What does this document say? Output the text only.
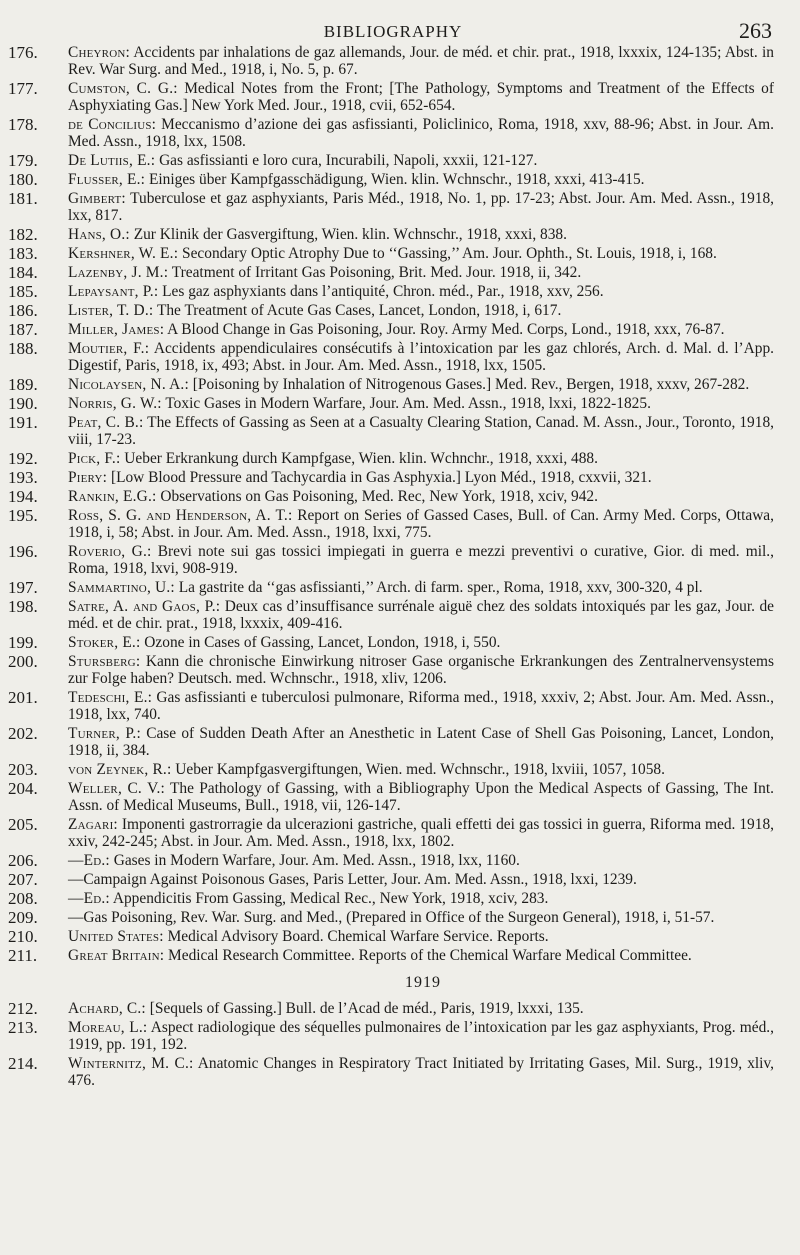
BIBLIOGRAPHY	263
176.	Cheyron: Accidents par inhalations de gaz allemands, Jour. de méd. et chir. prat., 1918, lxxxix, 124-135; Abst. in Rev. War Surg. and Med., 1918, i, No. 5, p. 67.
177.	Cumston, C. G.: Medical Notes from the Front; [The Pathology, Symptoms and Treatment of the Effects of Asphyxiating Gas.] New York Med. Jour., 1918, cvii, 652-654.
178.	de Concilius: Meccanismo d’azione dei gas asfissianti, Policlinico, Roma, 1918, xxv, 88-96; Abst. in Jour. Am. Med. Assn., 1918, lxx, 1508.
179.	De Lutiis, E.: Gas asfissianti e loro cura, Incurabili, Napoli, xxxii, 121-127.
180.	Flusser, E.: Einiges über Kampfgasschädigung, Wien. klin. Wchnschr., 1918, xxxi, 413-415.
181.	Gimbert: Tuberculose et gaz asphyxiants, Paris Méd., 1918, No. 1, pp. 17-23; Abst. Jour. Am. Med. Assn., 1918, lxx, 817.
182.	Hans, O.: Zur Klinik der Gasvergiftung, Wien. klin. Wchnschr., 1918, xxxi, 838.
183.	Kershner, W. E.: Secondary Optic Atrophy Due to ‘‘Gassing,’’ Am. Jour. Ophth., St. Louis, 1918, i, 168.
184.	Lazenby, J. M.: Treatment of Irritant Gas Poisoning, Brit. Med. Jour. 1918, ii, 342.
185.	Lepaysant, P.: Les gaz asphyxiants dans l’antiquité, Chron. méd., Par., 1918, xxv, 256.
186.	Lister, T. D.: The Treatment of Acute Gas Cases, Lancet, London, 1918, i, 617.
187.	Miller, James: A Blood Change in Gas Poisoning, Jour. Roy. Army Med. Corps, Lond., 1918, xxx, 76-87.
188.	Moutier, F.: Accidents appendiculaires consécutifs à l’intoxication par les gaz chlorés, Arch. d. Mal. d. l’App. Digestif, Paris, 1918, ix, 493; Abst. in Jour. Am. Med. Assn., 1918, lxx, 1505.
189.	Nicolaysen, N. A.: [Poisoning by Inhalation of Nitrogenous Gases.] Med. Rev., Bergen, 1918, xxxv, 267-282.
190.	Norris, G. W.: Toxic Gases in Modern Warfare, Jour. Am. Med. Assn., 1918, lxxi, 1822-1825.
191.	Peat, C. B.: The Effects of Gassing as Seen at a Casualty Clearing Station, Canad. M. Assn., Jour., Toronto, 1918, viii, 17-23.
192.	Pick, F.: Ueber Erkrankung durch Kampfgase, Wien. klin. Wchnchr., 1918, xxxi, 488.
193.	Piery: [Low Blood Pressure and Tachycardia in Gas Asphyxia.] Lyon Méd., 1918, cxxvii, 321.
194.	Rankin, E.G.: Observations on Gas Poisoning, Med. Rec, New York, 1918, xciv, 942.
195.	Ross, S. G. and Henderson, A. T.: Report on Series of Gassed Cases, Bull. of Can. Army Med. Corps, Ottawa, 1918, i, 58; Abst. in Jour. Am. Med. Assn., 1918, lxxi, 775.
196.	Roverio, G.: Brevi note sui gas tossici impiegati in guerra e mezzi preventivi o curative, Gior. di med. mil., Roma, 1918, lxvi, 908-919.
197.	Sammartino, U.: La gastrite da ‘‘gas asfissianti,’’ Arch. di farm. sper., Roma, 1918, xxv, 300-320, 4 pl.
198.	Satre, A. and Gaos, P.: Deux cas d’insuffisance surrénale aiguë chez des soldats intoxiqués par les gaz, Jour. de méd. et de chir. prat., 1918, lxxxix, 409-416.
199.	Stoker, E.: Ozone in Cases of Gassing, Lancet, London, 1918, i, 550.
200.	Stursberg: Kann die chronische Einwirkung nitroser Gase organische Erkrankungen des Zentralnervensystems zur Folge haben? Deutsch. med. Wchnschr., 1918, xliv, 1206.
201.	Tedeschi, E.: Gas asfissianti e tuberculosi pulmonare, Riforma med., 1918, xxxiv, 2; Abst. Jour. Am. Med. Assn., 1918, lxx, 740.
202.	Turner, P.: Case of Sudden Death After an Anesthetic in Latent Case of Shell Gas Poisoning, Lancet, London, 1918, ii, 384.
203.	von Zeynek, R.: Ueber Kampfgasvergiftungen, Wien. med. Wchnschr., 1918, lxviii, 1057, 1058.
204.	Weller, C. V.: The Pathology of Gassing, with a Bibliography Upon the Medical Aspects of Gassing, The Int. Assn. of Medical Museums, Bull., 1918, vii, 126-147.
205.	Zagari: Imponenti gastrorragie da ulcerazioni gastriche, quali effetti dei gas tossici in guerra, Riforma med. 1918, xxiv, 242-245; Abst. in Jour. Am. Med. Assn., 1918, lxx, 1802.
206.	—Ed.: Gases in Modern Warfare, Jour. Am. Med. Assn., 1918, lxx, 1160.
207.	—Campaign Against Poisonous Gases, Paris Letter, Jour. Am. Med. Assn., 1918, lxxi, 1239.
208.	—Ed.: Appendicitis From Gassing, Medical Rec., New York, 1918, xciv, 283.
209.	—Gas Poisoning, Rev. War. Surg. and Med., (Prepared in Office of the Surgeon General), 1918, i, 51-57.
210.	United States: Medical Advisory Board. Chemical Warfare Service. Reports.
211.	Great Britain: Medical Research Committee. Reports of the Chemical Warfare Medical Committee.
1919
212.	Achard, C.: [Sequels of Gassing.] Bull. de l’Acad de méd., Paris, 1919, lxxxi, 135.
213.	Moreau, L.: Aspect radiologique des séquelles pulmonaires de l’intoxication par les gaz asphyxiants, Prog. méd., 1919, pp. 191, 192.
214.	Winternitz, M. C.: Anatomic Changes in Respiratory Tract Initiated by Irritating Gases, Mil. Surg., 1919, xliv, 476.
